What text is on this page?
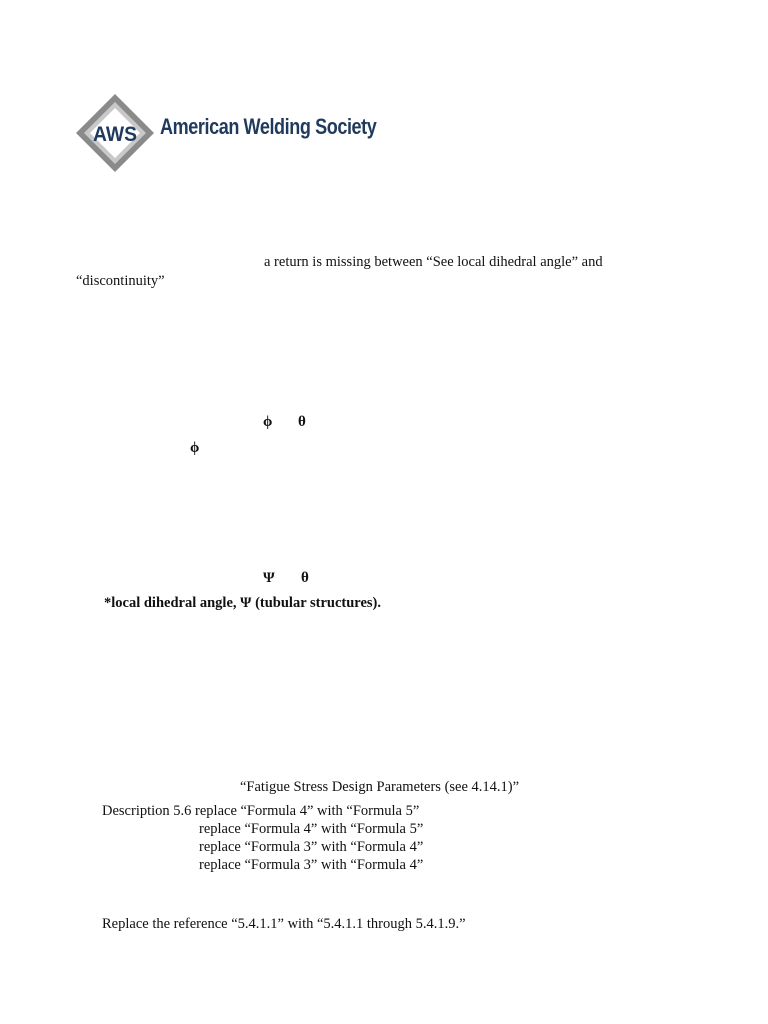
AWS American Welding Society
a return is missing between “See local dihedral angle” and
“discontinuity”
ϕ θ
ϕ
Ψ θ
*local dihedral angle, Ψ (tubular structures).
“Fatigue Stress Design Parameters (see 4.14.1)”
Description 5.6 replace “Formula 4” with “Formula 5”
replace “Formula 4” with “Formula 5”
replace “Formula 3” with “Formula 4”
replace “Formula 3” with “Formula 4”
Replace the reference “5.4.1.1” with “5.4.1.1 through 5.4.1.9.”
